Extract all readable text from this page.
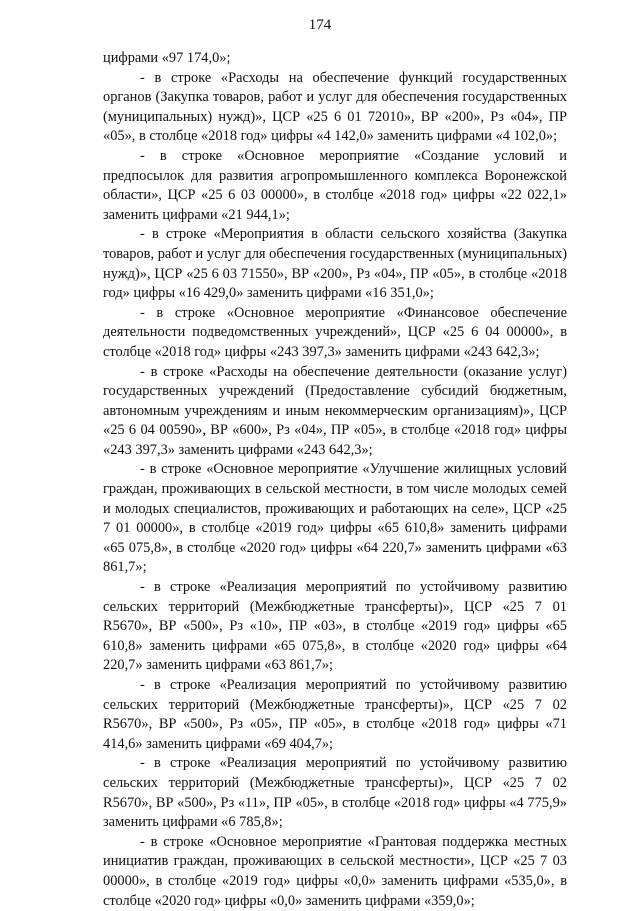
174

цифрами «97 174,0»;

- в строке «Расходы на обеспечение функций государственных органов (Закупка товаров, работ и услуг для обеспечения государственных (муниципальных) нужд)», ЦСР «25 6 01 72010», ВР «200», Рз «04», ПР «05», в столбце «2018 год» цифры «4 142,0» заменить цифрами «4 102,0»;

- в строке «Основное мероприятие «Создание условий и предпосылок для развития агропромышленного комплекса Воронежской области», ЦСР «25 6 03 00000», в столбце «2018 год» цифры «22 022,1» заменить цифрами «21 944,1»;

- в строке «Мероприятия в области сельского хозяйства (Закупка товаров, работ и услуг для обеспечения государственных (муниципальных) нужд)», ЦСР «25 6 03 71550», ВР «200», Рз «04», ПР «05», в столбце «2018 год» цифры «16 429,0» заменить цифрами «16 351,0»;

- в строке «Основное мероприятие «Финансовое обеспечение деятельности подведомственных учреждений», ЦСР «25 6 04 00000», в столбце «2018 год» цифры «243 397,3» заменить цифрами «243 642,3»;

- в строке «Расходы на обеспечение деятельности (оказание услуг) государственных учреждений (Предоставление субсидий бюджетным, автономным учреждениям и иным некоммерческим организациям)», ЦСР «25 6 04 00590», ВР «600», Рз «04», ПР «05», в столбце «2018 год» цифры «243 397,3» заменить цифрами «243 642,3»;

- в строке «Основное мероприятие «Улучшение жилищных условий граждан, проживающих в сельской местности, в том числе молодых семей и молодых специалистов, проживающих и работающих на селе», ЦСР «25 7 01 00000», в столбце «2019 год» цифры «65 610,8» заменить цифрами «65 075,8», в столбце «2020 год» цифры «64 220,7» заменить цифрами «63 861,7»;

- в строке «Реализация мероприятий по устойчивому развитию сельских территорий (Межбюджетные трансферты)», ЦСР «25 7 01 R5670», ВР «500», Рз «10», ПР «03», в столбце «2019 год» цифры «65 610,8» заменить цифрами «65 075,8», в столбце «2020 год» цифры «64 220,7» заменить цифрами «63 861,7»;

- в строке «Реализация мероприятий по устойчивому развитию сельских территорий (Межбюджетные трансферты)», ЦСР «25 7 02 R5670», ВР «500», Рз «05», ПР «05», в столбце «2018 год» цифры «71 414,6» заменить цифрами «69 404,7»;

- в строке «Реализация мероприятий по устойчивому развитию сельских территорий (Межбюджетные трансферты)», ЦСР «25 7 02 R5670», ВР «500», Рз «11», ПР «05», в столбце «2018 год» цифры «4 775,9» заменить цифрами «6 785,8»;

- в строке «Основное мероприятие «Грантовая поддержка местных инициатив граждан, проживающих в сельской местности», ЦСР «25 7 03 00000», в столбце «2019 год» цифры «0,0» заменить цифрами «535,0», в столбце «2020 год» цифры «0,0» заменить цифрами «359,0»;
